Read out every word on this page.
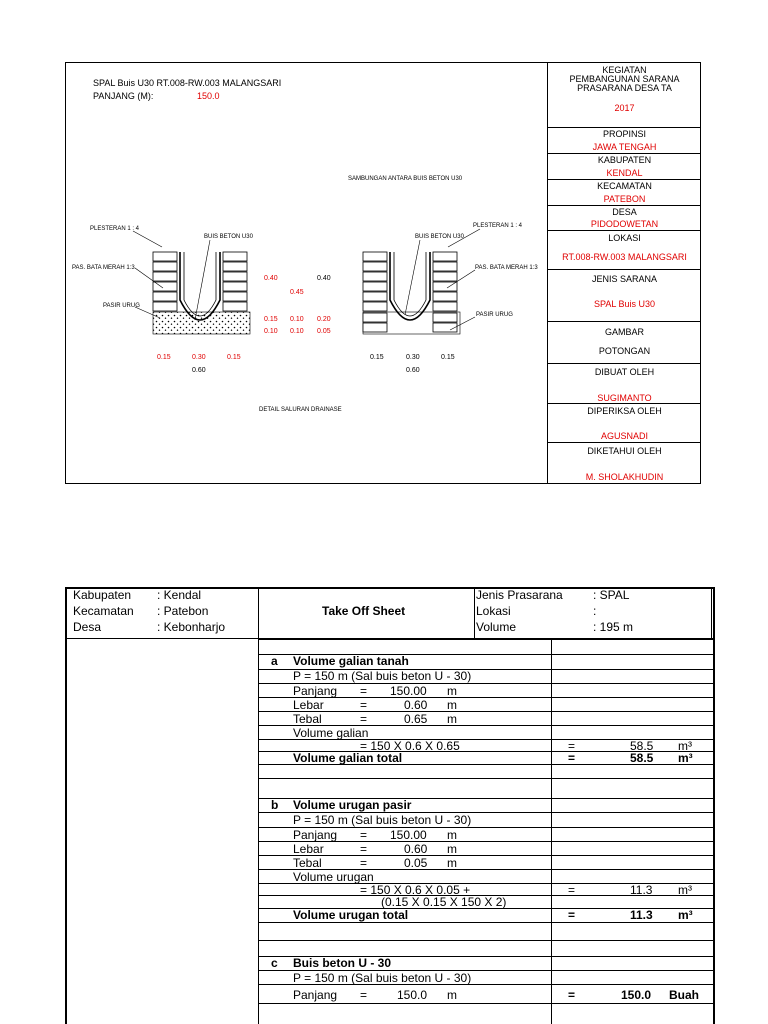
SPAL Buis U30 RT.008-RW.003 MALANGSARI
PANJANG (M):	150.0
SAMBUNGAN ANTARA BUIS BETON U30
PLESTERAN 1 : 4
BUIS BETON U30
PAS. BATA MERAH 1:3
PASIR URUG
PLESTERAN 1 : 4
BUIS BETON U30
PAS. BATA MERAH 1:3
PASIR URUG
0.40	0.40
0.45
0.15 0.10 0.20
0.10 0.10 0.05
0.15	0.30	0.15
0.60
0.15	0.30	0.15
0.60
DETAIL SALURAN DRAINASE
KEGIATAN
PEMBANGUNAN SARANA
PRASARANA DESA TA
2017
PROPINSI
JAWA TENGAH
KABUPATEN
KENDAL
KECAMATAN
PATEBON
DESA
PIDODOWETAN
LOKASI
RT.008-RW.003 MALANGSARI
JENIS SARANA
SPAL Buis U30
GAMBAR
POTONGAN
DIBUAT OLEH
SUGIMANTO
DIPERIKSA OLEH
AGUSNADI
DIKETAHUI OLEH
M. SHOLAKHUDIN
Kabupaten : Kendal
Kecamatan : Patebon
Desa	: Kebonharjo
Take Off Sheet
Jenis Prasarana	: SPAL
Lokasi	:
Volume	: 195 m
a Volume galian tanah
P = 150 m (Sal buis beton U - 30)
Panjang = 150.00 m
Lebar	=	0.60 m
Tebal	=	0.65 m
Volume galian
= 150 X 0.6 X 0.65	=	58.5 m³
Volume galian total	=	58.5 m³
b Volume urugan pasir
P = 150 m (Sal buis beton U - 30)
Panjang = 150.00 m
Lebar	=	0.60 m
Tebal	=	0.05 m
Volume urugan
= 150 X 0.6 X 0.05 +	=	11.3 m³
(0.15 X 0.15 X 150 X 2)
Volume urugan total	=	11.3 m³
c Buis beton U - 30
P = 150 m (Sal buis beton U - 30)
Panjang = 150.0 m	=	150.0 Buah
